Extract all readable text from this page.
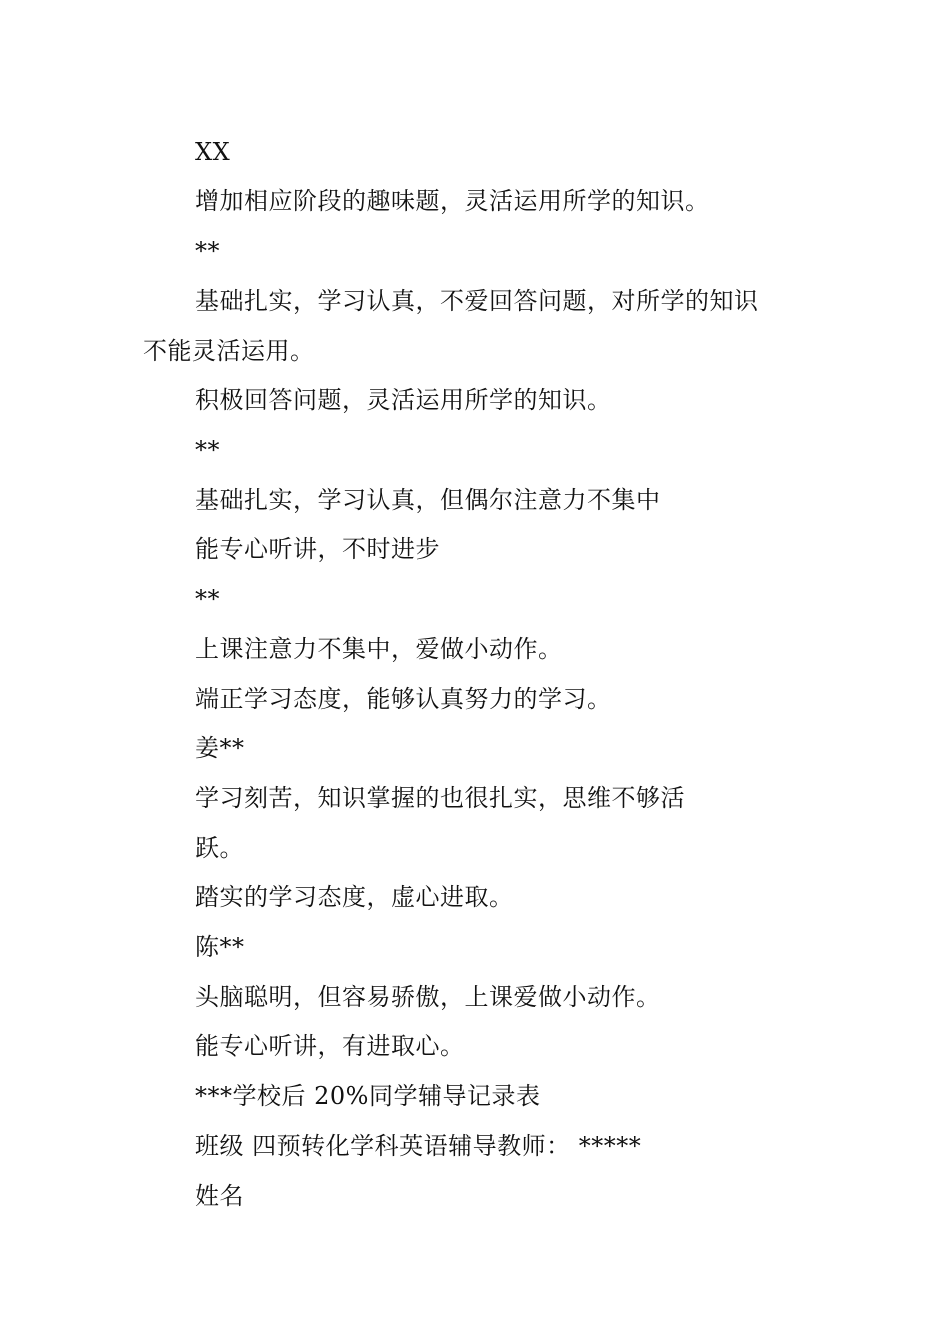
XX

增加相应阶段的趣味题，灵活运用所学的知识。

**

基础扎实，学习认真，不爱回答问题，对所学的知识

不能灵活运用。

积极回答问题，灵活运用所学的知识。

**

基础扎实，学习认真，但偶尔注意力不集中

能专心听讲，不时进步

**

上课注意力不集中，爱做小动作。

端正学习态度，能够认真努力的学习。

姜**

学习刻苦，知识掌握的也很扎实，思维不够活

跃。

踏实的学习态度，虚心进取。

陈**

头脑聪明，但容易骄傲，上课爱做小动作。

能专心听讲，有进取心。

***学校后 20%同学辅导记录表

班级 四预转化学科英语辅导教师： *****

姓名
